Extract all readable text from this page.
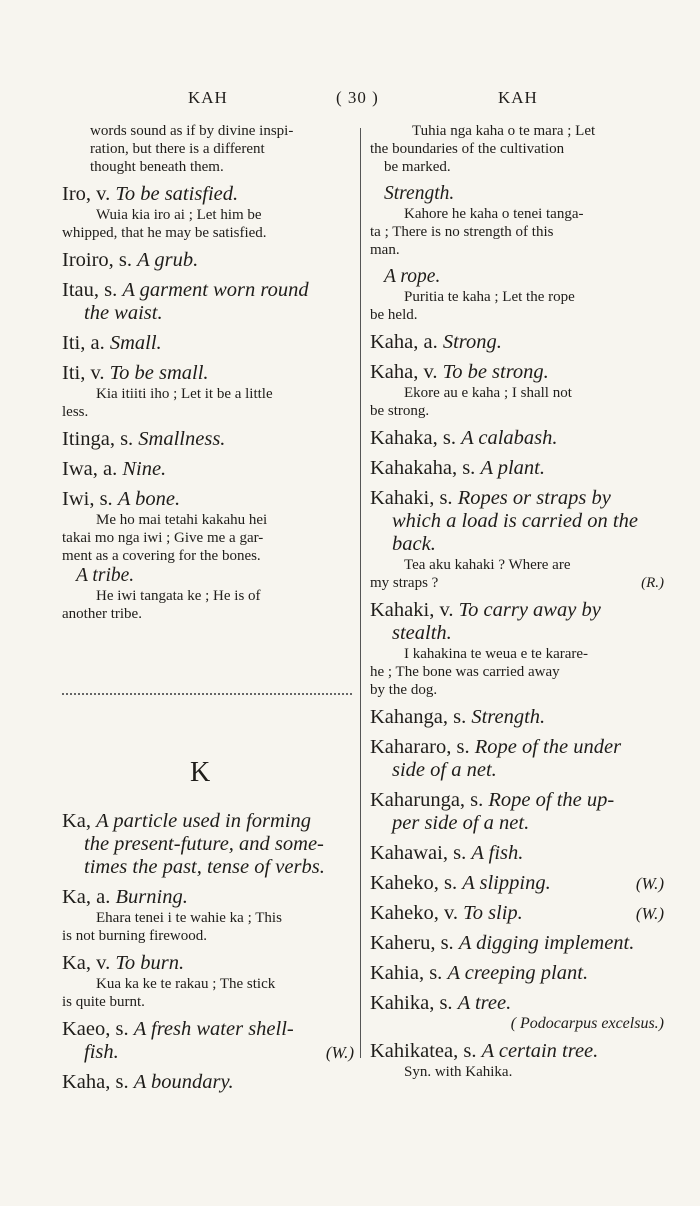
KAH	( 30 )	KAH
words sound as if by divine inspi-
ration, but there is a different
thought beneath them.
Iro, v. To be satisfied.
Wuia kia iro ai ; Let him be
whipped, that he may be satisfied.
Iroiro, s. A grub.
Itau, s. A garment worn round
the waist.
Iti, a. Small.
Iti, v. To be small.
Kia itiiti iho ; Let it be a little
less.
Itinga, s. Smallness.
Iwa, a. Nine.
Iwi, s. A bone.
Me ho mai tetahi kakahu hei
takai mo nga iwi ; Give me a gar-
ment as a covering for the bones.
A tribe.
He iwi tangata ke ; He is of
another tribe.
K
Ka, A particle used in forming
the present-future, and some-
times the past, tense of verbs.
Ka, a. Burning.
Ehara tenei i te wahie ka ; This
is not burning firewood.
Ka, v. To burn.
Kua ka ke te rakau ; The stick
is quite burnt.
Kaeo, s. A fresh water shell-
fish.	(W.)
Kaha, s. A boundary.
Tuhia nga kaha o te mara ; Let
the boundaries of the cultivation
be marked.
Strength.
Kahore he kaha o tenei tanga-
ta ; There is no strength of this
man.
A rope.
Puritia te kaha ; Let the rope
be held.
Kaha, a. Strong.
Kaha, v. To be strong.
Ekore au e kaha ; I shall not
be strong.
Kahaka, s. A calabash.
Kahakaha, s. A plant.
Kahaki, s. Ropes or straps by
which a load is carried on the
back.
Tea aku kahaki ? Where are
my straps ?	(R.)
Kahaki, v. To carry away by
stealth.
I kahakina te weua e te karare-
he ; The bone was carried away
by the dog.
Kahanga, s. Strength.
Kahararo, s. Rope of the under
side of a net.
Kaharunga, s. Rope of the up-
per side of a net.
Kahawai, s. A fish.
Kaheko, s. A slipping.	(W.)
Kaheko, v. To slip.	(W.)
Kaheru, s. A digging implement.
Kahia, s. A creeping plant.
Kahika, s. A tree.
( Podocarpus excelsus.)
Kahikatea, s. A certain tree.
Syn. with Kahika.
